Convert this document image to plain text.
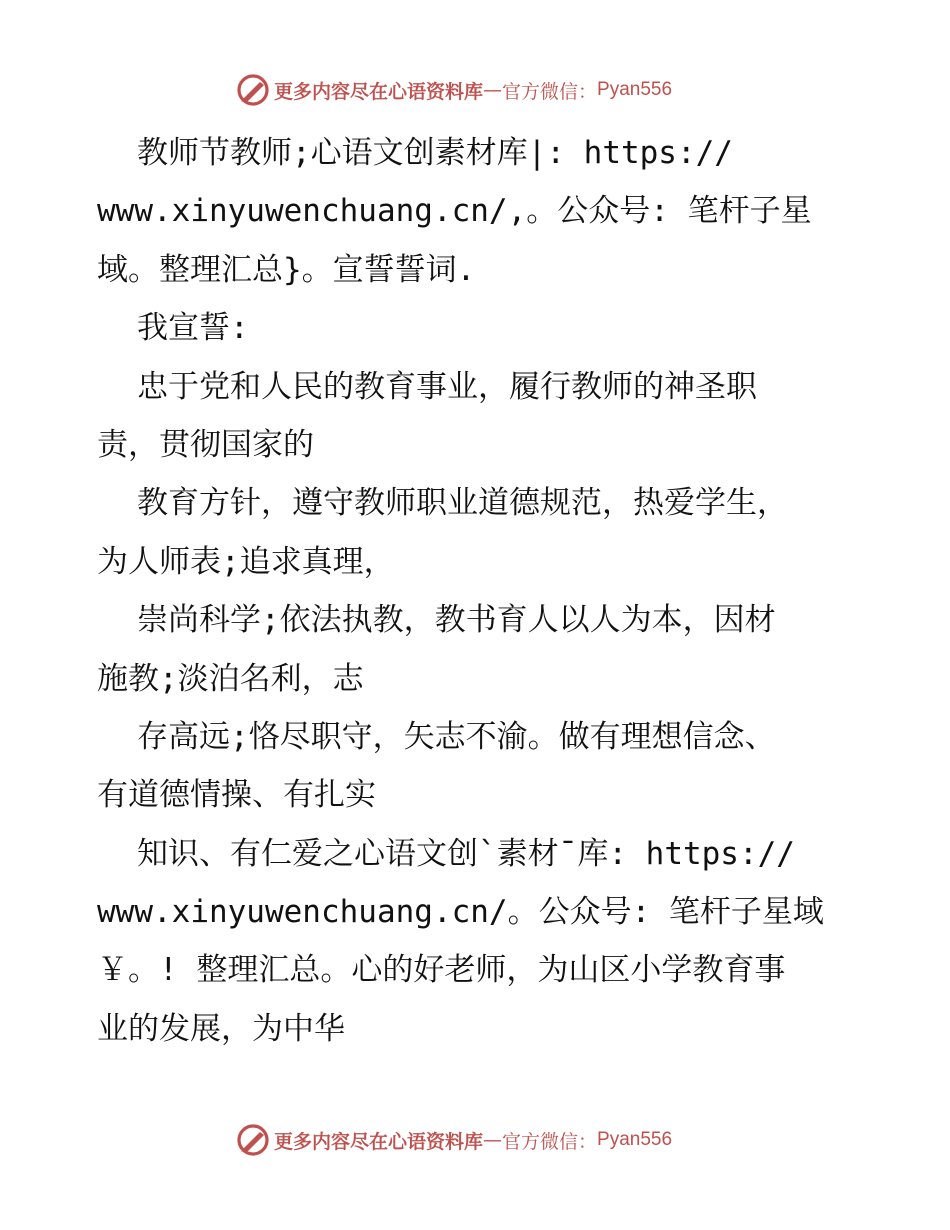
更多内容尽在心语资料库 — 官方微信： Pyan556
教师节教师;心语文创素材库|: https://
www.xinyuwenchuang.cn/,。公众号: 笔杆子星
域。整理汇总}。宣誓誓词.
我宣誓:
忠于党和人民的教育事业，履行教师的神圣职
责，贯彻国家的
教育方针，遵守教师职业道德规范，热爱学生，
为人师表;追求真理，
崇尚科学;依法执教，教书育人以人为本，因材
施教;淡泊名利，志
存高远;恪尽职守，矢志不渝。做有理想信念、
有道德情操、有扎实
知识、有仁爱之心语文创`素材¯库: https://
www.xinyuwenchuang.cn/。公众号: 笔杆子星域
￥。! 整理汇总。心的好老师，为山区小学教育事
业的发展，为中华
更多内容尽在心语资料库 — 官方微信： Pyan556
